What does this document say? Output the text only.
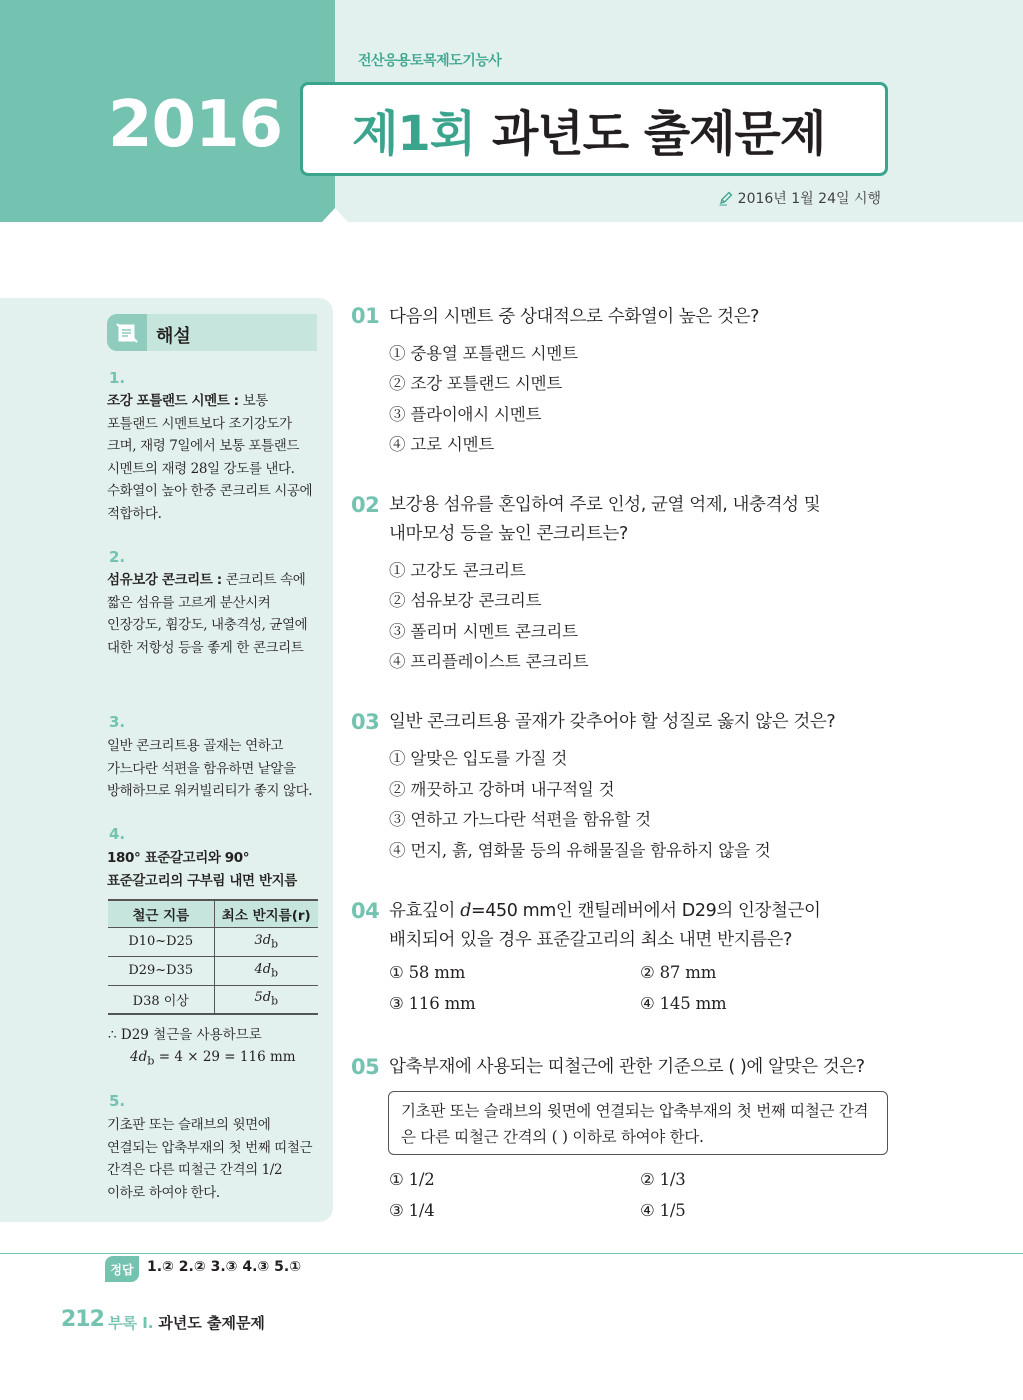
2016
전산응용토목제도기능사
제1회 과년도 출제문제
2016년 1월 24일 시행
해설
1.
조강 포틀랜드 시멘트 : 보통 포틀랜드 시멘트보다 조기강도가 크며, 재령 7일에서 보통 포틀랜드 시멘트의 재령 28일 강도를 낸다. 수화열이 높아 한중 콘크리트 시공에 적합하다.
2.
섬유보강 콘크리트 : 콘크리트 속에 짧은 섬유를 고르게 분산시켜 인장강도, 휨강도, 내충격성, 균열에 대한 저항성 등을 좋게 한 콘크리트
3.
일반 콘크리트용 골재는 연하고 가느다란 석편을 함유하면 낱알을 방해하므로 워커빌리티가 좋지 않다.
4.
180° 표준갈고리와 90° 표준갈고리의 구부림 내면 반지름
철근 지름	최소 반지름(r)
D10~D25	$3d_b$
D29~D35	$4d_b$
D38 이상	$5d_b$
∴ D29 철근을 사용하므로
$4d_b = 4 \times 29 = 116$ mm
5.
기초판 또는 슬래브의 윗면에 연결되는 압축부재의 첫 번째 띠철근 간격은 다른 띠철근 간격의 1/2 이하로 하여야 한다.
01 다음의 시멘트 중 상대적으로 수화열이 높은 것은?
① 중용열 포틀랜드 시멘트
② 조강 포틀랜드 시멘트
③ 플라이애시 시멘트
④ 고로 시멘트
02 보강용 섬유를 혼입하여 주로 인성, 균열 억제, 내충격성 및 내마모성 등을 높인 콘크리트는?
① 고강도 콘크리트
② 섬유보강 콘크리트
③ 폴리머 시멘트 콘크리트
④ 프리플레이스트 콘크리트
03 일반 콘크리트용 골재가 갖추어야 할 성질로 옳지 않은 것은?
① 알맞은 입도를 가질 것
② 깨끗하고 강하며 내구적일 것
③ 연하고 가느다란 석편을 함유할 것
④ 먼지, 흙, 염화물 등의 유해물질을 함유하지 않을 것
04 유효깊이 d=450 mm인 캔틸레버에서 D29의 인장철근이 배치되어 있을 경우 표준갈고리의 최소 내면 반지름은?
① 58 mm	② 87 mm
③ 116 mm	④ 145 mm
05 압축부재에 사용되는 띠철근에 관한 기준으로 ( )에 알맞은 것은?
기초판 또는 슬래브의 윗면에 연결되는 압축부재의 첫 번째 띠철근 간격은 다른 띠철근 간격의 ( ) 이하로 하여야 한다.
① 1/2	② 1/3
③ 1/4	④ 1/5
정답 1.② 2.② 3.③ 4.③ 5.①
212 부록 I. 과년도 출제문제
